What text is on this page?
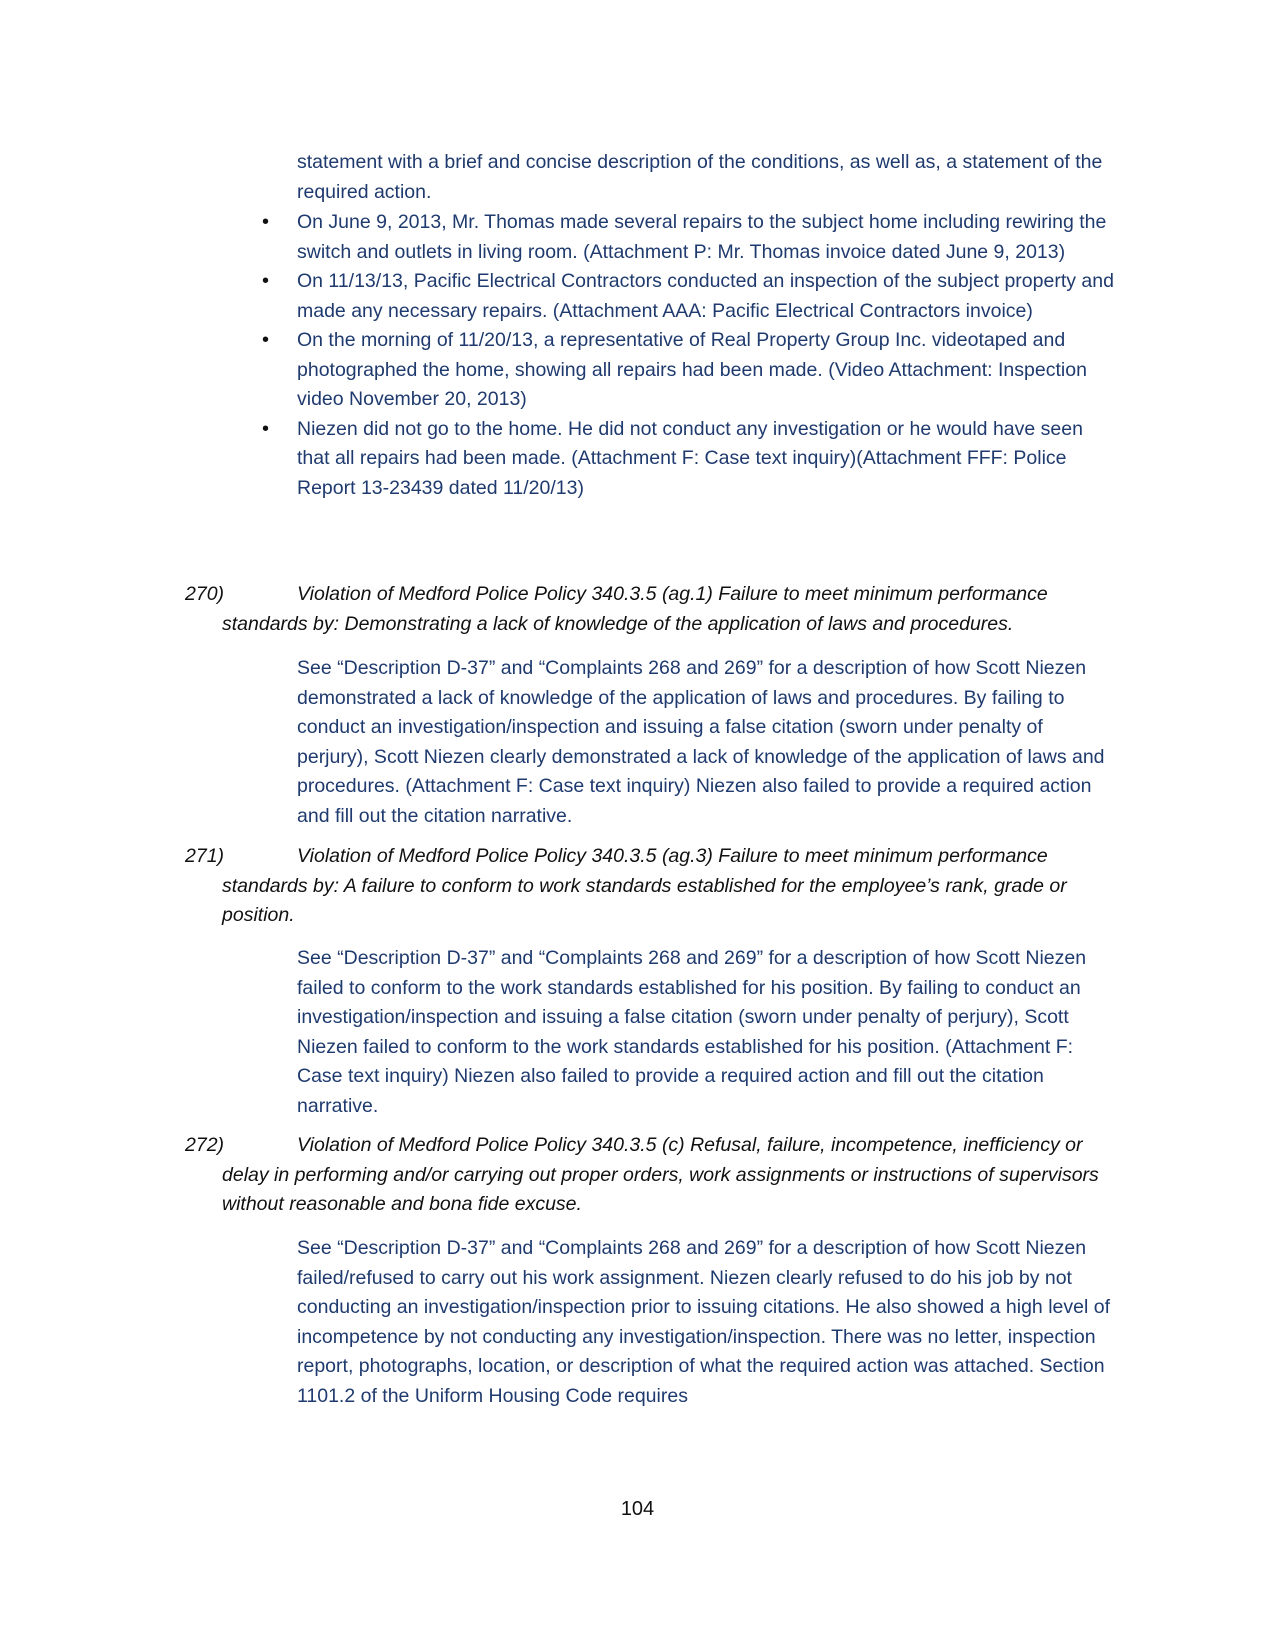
statement with a brief and concise description of the conditions, as well as, a statement of the required action.

• On June 9, 2013, Mr. Thomas made several repairs to the subject home including rewiring the switch and outlets in living room. (Attachment P: Mr. Thomas invoice dated June 9, 2013)
• On 11/13/13, Pacific Electrical Contractors conducted an inspection of the subject property and made any necessary repairs. (Attachment AAA: Pacific Electrical Contractors invoice)
• On the morning of 11/20/13, a representative of Real Property Group Inc. videotaped and photographed the home, showing all repairs had been made. (Video Attachment: Inspection video November 20, 2013)
• Niezen did not go to the home. He did not conduct any investigation or he would have seen that all repairs had been made. (Attachment F: Case text inquiry)(Attachment FFF: Police Report 13-23439 dated 11/20/13)
270)	Violation of Medford Police Policy 340.3.5 (ag.1) Failure to meet minimum performance standards by: Demonstrating a lack of knowledge of the application of laws and procedures.

See “Description D-37” and “Complaints 268 and 269” for a description of how Scott Niezen demonstrated a lack of knowledge of the application of laws and procedures. By failing to conduct an investigation/inspection and issuing a false citation (sworn under penalty of perjury), Scott Niezen clearly demonstrated a lack of knowledge of the application of laws and procedures. (Attachment F: Case text inquiry) Niezen also failed to provide a required action and fill out the citation narrative.

271)	Violation of Medford Police Policy 340.3.5 (ag.3) Failure to meet minimum performance standards by: A failure to conform to work standards established for the employee’s rank, grade or position.

See “Description D-37” and “Complaints 268 and 269” for a description of how Scott Niezen failed to conform to the work standards established for his position. By failing to conduct an investigation/inspection and issuing a false citation (sworn under penalty of perjury), Scott Niezen failed to conform to the work standards established for his position. (Attachment F: Case text inquiry) Niezen also failed to provide a required action and fill out the citation narrative.

272)	Violation of Medford Police Policy 340.3.5 (c) Refusal, failure, incompetence, inefficiency or delay in performing and/or carrying out proper orders, work assignments or instructions of supervisors without reasonable and bona fide excuse.

See “Description D-37” and “Complaints 268 and 269” for a description of how Scott Niezen failed/refused to carry out his work assignment. Niezen clearly refused to do his job by not conducting an investigation/inspection prior to issuing citations. He also showed a high level of incompetence by not conducting any investigation/inspection. There was no letter, inspection report, photographs, location, or description of what the required action was attached. Section 1101.2 of the Uniform Housing Code requires

104
